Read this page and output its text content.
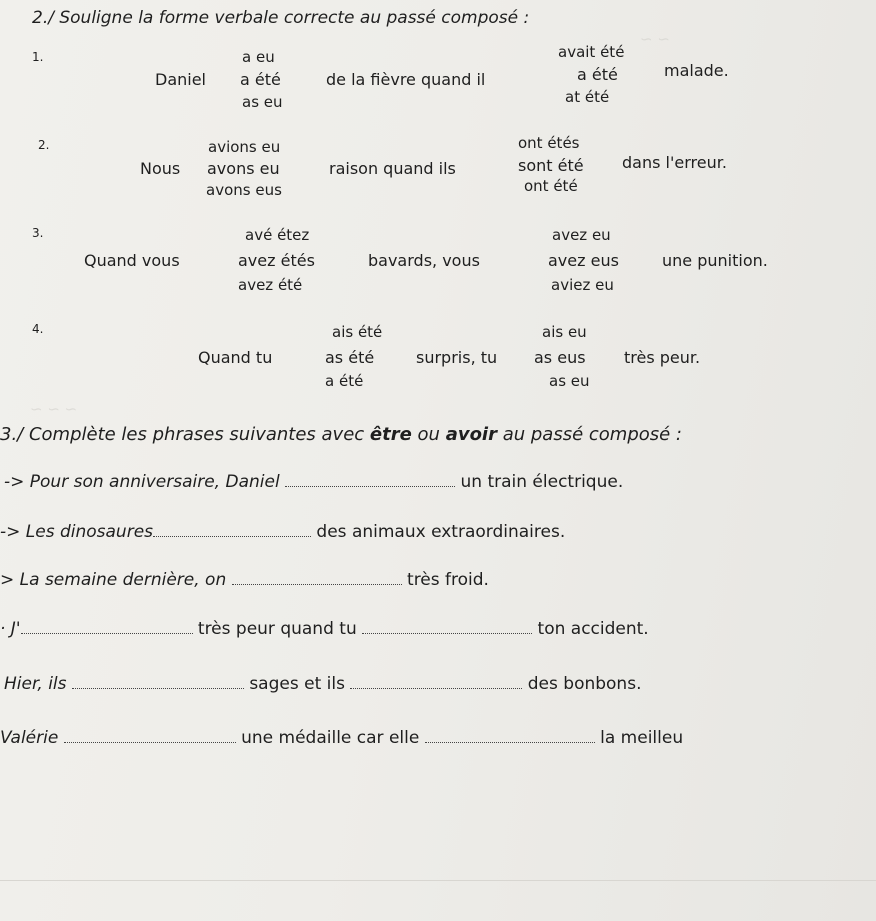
∽ ∽
∽ ∽ ∽
2./ Souligne la forme verbale correcte au passé composé :
1.	a eu	avait été
Daniel a été	de la fièvre quand il	a été	malade.
as eu	at été
2.	avions eu	ont étés
Nous avons eu	raison quand ils	sont été dans l'erreur.
avons eus	ont été
3.	avé étez	avez eu
Quand vous	avez étés	bavards, vous	avez eus	une punition.
avez été	aviez eu
4.	ais été	ais eu
Quand tu	as été	surpris, tu as eus très peur.
a été	as eu
3./ Complète les phrases suivantes avec être ou avoir au passé composé :
-> Pour son anniversaire, Daniel	un train électrique.
-> Les dinosaures	des animaux extraordinaires.
> La semaine dernière, on	très froid.
· J'	très peur quand tu	ton accident.
Hier, ils	sages et ils	des bonbons.
Valérie	une médaille car elle	la meilleu
